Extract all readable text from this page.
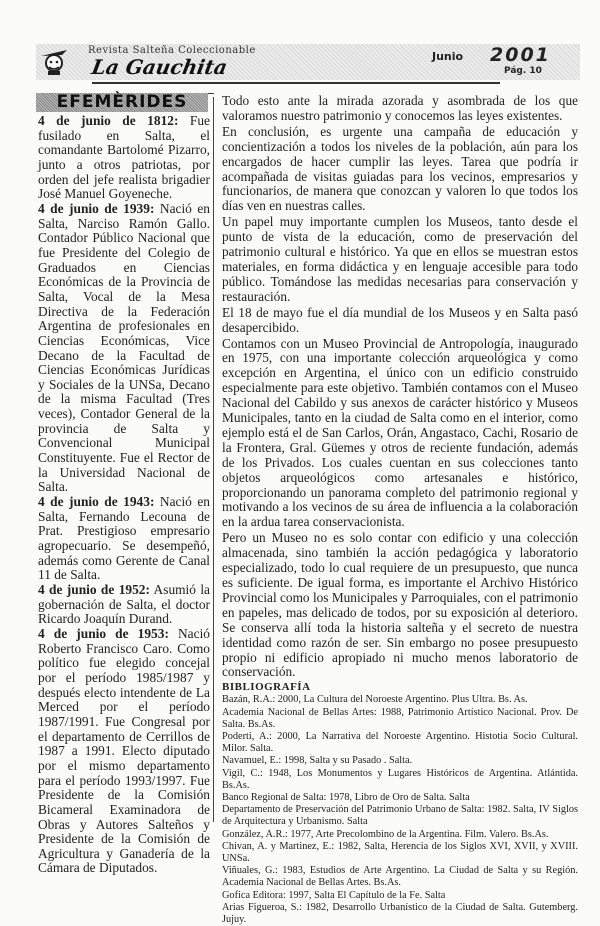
Revista Salteña Coleccionable
La Gauchita	Junio 2001
Pág. 10
EFEMÈRIDES

4 de junio de 1812: Fue fusilado en Salta, el comandante Bartolomé Pizarro, junto a otros patriotas, por orden del jefe realista brigadier José Manuel Goyeneche.

4 de junio de 1939: Nació en Salta, Narciso Ramón Gallo. Contador Público Nacional que fue Presidente del Colegio de Graduados en Ciencias Económicas de la Provincia de Salta, Vocal de la Mesa Directiva de la Federación Argentina de profesionales en Ciencias Económicas, Vice Decano de la Facultad de Ciencias Económicas Jurídicas y Sociales de la UNSa, Decano de la misma Facultad (Tres veces), Contador General de la provincia de Salta y Convencional Municipal Constituyente. Fue el Rector de la Universidad Nacional de Salta.

4 de junio de 1943: Nació en Salta, Fernando Lecouna de Prat. Prestigioso empresario agropecuario. Se desempeñó, además como Gerente de Canal 11 de Salta.

4 de junio de 1952: Asumió la gobernación de Salta, el doctor Ricardo Joaquín Durand.

4 de junio de 1953: Nació Roberto Francisco Caro. Como político fue elegido concejal por el período 1985/1987 y después electo intendente de La Merced por el período 1987/1991. Fue Congresal por el departamento de Cerrillos de 1987 a 1991. Electo diputado por el mismo departamento para el período 1993/1997. Fue Presidente de la Comisión Bicameral Examinadora de Obras y Autores Salteños y Presidente de la Comisión de Agricultura y Ganadería de la Cámara de Diputados.

Todo esto ante la mirada azorada y asombrada de los que valoramos nuestro patrimonio y conocemos las leyes existentes.

En conclusión, es urgente una campaña de educación y concientización a todos los niveles de la población, aún para los encargados de hacer cumplir las leyes. Tarea que podría ir acompañada de visitas guiadas para los vecinos, empresarios y funcionarios, de manera que conozcan y valoren lo que todos los días ven en nuestras calles.

Un papel muy importante cumplen los Museos, tanto desde el punto de vista de la educación, como de preservación del patrimonio cultural e histórico. Ya que en ellos se muestran estos materiales, en forma didáctica y en lenguaje accesible para todo público. Tomándose las medidas necesarias para conservación y restauración.

El 18 de mayo fue el día mundial de los Museos y en Salta pasó desapercibido.

Contamos con un Museo Provincial de Antropología, inaugurado en 1975, con una importante colección arqueológica y como excepción en Argentina, el único con un edificio construido especialmente para este objetivo. También contamos con el Museo Nacional del Cabildo y sus anexos de carácter histórico y Museos Municipales, tanto en la ciudad de Salta como en el interior, como ejemplo está el de San Carlos, Orán, Angastaco, Cachi, Rosario de la Frontera, Gral. Güemes y otros de reciente fundación, además de los Privados. Los cuales cuentan en sus colecciones tanto objetos arqueológicos como artesanales e histórico, proporcionando un panorama completo del patrimonio regional y motivando a los vecinos de su área de influencia a la colaboración en la ardua tarea conservacionista.

Pero un Museo no es solo contar con edificio y una colección almacenada, sino también la acción pedagógica y laboratorio especializado, todo lo cual requiere de un presupuesto, que nunca es suficiente. De igual forma, es importante el Archivo Histórico Provincial como los Municipales y Parroquiales, con el patrimonio en papeles, mas delicado de todos, por su exposición al deterioro. Se conserva allí toda la historia salteña y el secreto de nuestra identidad como razón de ser. Sin embargo no posee presupuesto propio ni edificio apropiado ni mucho menos laboratorio de conservación.

BIBLIOGRAFÍA
Bazán, R.A.: 2000, La Cultura del Noroeste Argentino. Plus Ultra. Bs. As.
Academia Nacional de Bellas Artes: 1988, Patrimonio Artístico Nacional. Prov. De Salta. Bs.As.
Poderti, A.: 2000, La Narrativa del Noroeste Argentino. Histotia Socio Cultural. Milor. Salta.
Navamuel, E.: 1998, Salta y su Pasado . Salta.
Vigil, C.: 1948, Los Monumentos y Lugares Históricos de Argentina. Atlántida. Bs.As.
Banco Regional de Salta: 1978, Libro de Oro de Salta. Salta
Departamento de Preservación del Patrimonio Urbano de Salta: 1982. Salta, IV Siglos de Arquitectura y Urbanismo. Salta
González, A.R.: 1977, Arte Precolombino de la Argentina. Film. Valero. Bs.As.
Chivan, A. y Martinez, E.: 1982, Salta, Herencia de los Siglos XVI, XVII, y XVIII. UNSa.
Viñuales, G.: 1983, Estudios de Arte Argentino. La Ciudad de Salta y su Región. Academia Nacional de Bellas Artes. Bs.As.
Gofica Editora: 1997, Salta El Capítulo de la Fe. Salta
Arias Figueroa, S.: 1982, Desarrollo Urbanístico de la Ciudad de Salta. Gutemberg. Jujuy.
